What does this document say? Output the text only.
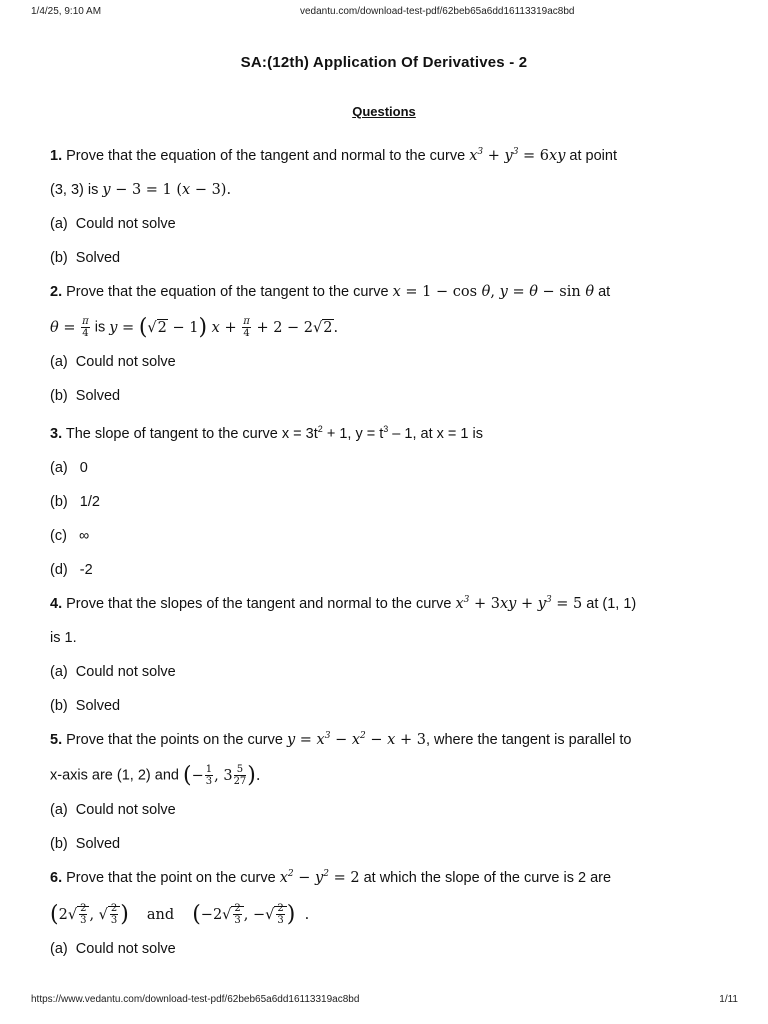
1/4/25, 9:10 AM	vedantu.com/download-test-pdf/62beb65a6dd16113319ac8bd
SA:(12th) Application Of Derivatives - 2
Questions
1. Prove that the equation of the tangent and normal to the curve $x^3 + y^3 = 6xy$ at point
(3, 3) is y − 3 = 1 (x − 3).
(a)  Could not solve
(b)  Solved
2. Prove that the equation of the tangent to the curve x = 1 − cos θ, y = θ − sin θ at
$\theta = \frac{\pi}{4}$ is y = (√2 − 1) $x + \frac{\pi}{4} + 2 - 2√2$.
(a)  Could not solve
(b)  Solved
3. The slope of tangent to the curve $x = 3t^2 + 1$, $y = t^3 - 1$, at x = 1 is
(a)   0
(b)   1/2
(c)   ∞
(d)   -2
4. Prove that the slopes of the tangent and normal to the curve $x^3 + 3xy + y^3 = 5$ at (1, 1)
is 1.
(a)  Could not solve
(b)  Solved
5. Prove that the points on the curve $y = x^3 - x^2 - x + 3$, where the tangent is parallel to
x-axis are (1, 2) and (− $\frac{1}{3}$ , $3 \frac{5}{27}$ ).
(a)  Could not solve
(b)  Solved
6. Prove that the point on the curve $x^2 - y^2 = 2$ at which the slope of the curve is 2 are
($2√ \frac{2}{3}$ , √ $\frac{2}{3}$ ) and ($-2√ \frac{2}{3}$ , −√ $\frac{2}{3}$ )  .
(a)  Could not solve
https://www.vedantu.com/download-test-pdf/62beb65a6dd16113319ac8bd	1/11
